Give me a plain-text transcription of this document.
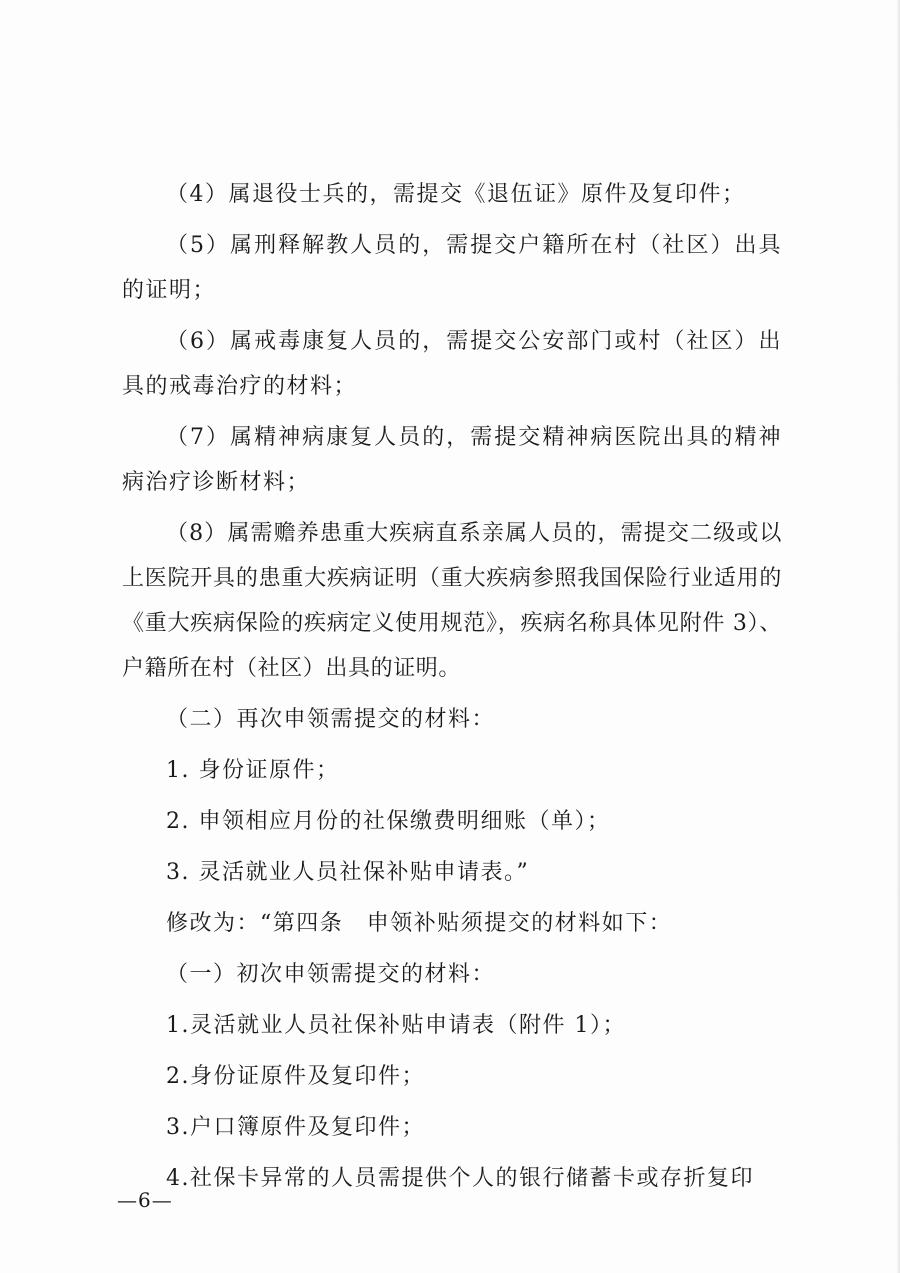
（4）属退役士兵的，需提交《退伍证》原件及复印件；

（5）属刑释解教人员的，需提交户籍所在村（社区）出具的证明；

（6）属戒毒康复人员的，需提交公安部门或村（社区）出具的戒毒治疗的材料；

（7）属精神病康复人员的，需提交精神病医院出具的精神病治疗诊断材料；

（8）属需赡养患重大疾病直系亲属人员的，需提交二级或以上医院开具的患重大疾病证明（重大疾病参照我国保险行业适用的《重大疾病保险的疾病定义使用规范》，疾病名称具体见附件 3）、户籍所在村（社区）出具的证明。

（二）再次申领需提交的材料：

1. 身份证原件；

2. 申领相应月份的社保缴费明细账（单）；

3. 灵活就业人员社保补贴申请表。”

修改为：“第四条　申领补贴须提交的材料如下：

（一）初次申领需提交的材料：

1.灵活就业人员社保补贴申请表（附件 1）；

2.身份证原件及复印件；

3.户口簿原件及复印件；

4.社保卡异常的人员需提供个人的银行储蓄卡或存折复印

—6—
